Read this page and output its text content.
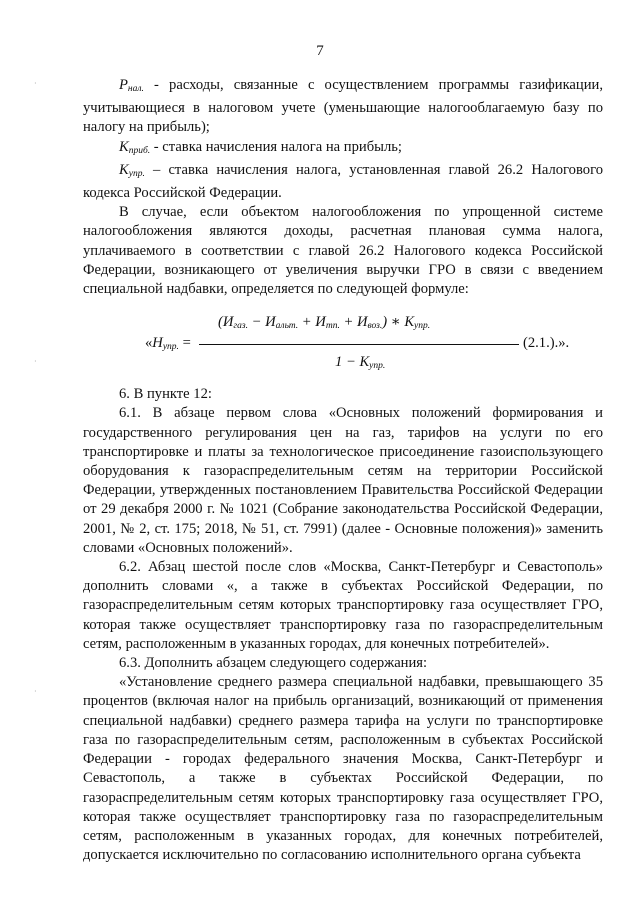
·
·
·
7

$P_{нал.}$ - расходы, связанные с осуществлением программы газификации, учитывающиеся в налоговом учете (уменьшающие налогооблагаемую базу по налогу на прибыль);

$K_{приб.}$ - ставка начисления налога на прибыль;

$K_{упр.}$ – ставка начисления налога, установленная главой 26.2 Налогового кодекса Российской Федерации.

В случае, если объектом налогообложения по упрощенной системе налогообложения являются доходы, расчетная плановая сумма налога, уплачиваемого в соответствии с главой 26.2 Налогового кодекса Российской Федерации, возникающего от увеличения выручки ГРО в связи с введением специальной надбавки, определяется по следующей формуле:

$(И_{газ.} - И_{альт.} + И_{тп.} + И_{воз.})$ ∗ $К_{упр.}$
«$Н_{упр.}$ =	(2.1.).».
$1 - К_{упр.}$

6. В пункте 12:

6.1. В абзаце первом слова «Основных положений формирования и государственного регулирования цен на газ, тарифов на услуги по его транспортировке и платы за технологическое присоединение газоиспользующего оборудования к газораспределительным сетям на территории Российской Федерации, утвержденных постановлением Правительства Российской Федерации от 29 декабря 2000 г. № 1021 (Собрание законодательства Российской Федерации, 2001, № 2, ст. 175; 2018, № 51, ст. 7991) (далее - Основные положения)» заменить словами «Основных положений».

6.2. Абзац шестой после слов «Москва, Санкт-Петербург и Севастополь» дополнить словами «, а также в субъектах Российской Федерации, по газораспределительным сетям которых транспортировку газа осуществляет ГРО, которая также осуществляет транспортировку газа по газораспределительным сетям, расположенным в указанных городах, для конечных потребителей».

6.3. Дополнить абзацем следующего содержания:

«Установление среднего размера специальной надбавки, превышающего 35 процентов (включая налог на прибыль организаций, возникающий от применения специальной надбавки) среднего размера тарифа на услуги по транспортировке газа по газораспределительным сетям, расположенным в субъектах Российской Федерации - городах федерального значения Москва, Санкт-Петербург и Севастополь, а также в субъектах Российской Федерации, по газораспределительным сетям которых транспортировку газа осуществляет ГРО, которая также осуществляет транспортировку газа по газораспределительным сетям, расположенным в указанных городах, для конечных потребителей, допускается исключительно по согласованию исполнительного органа субъекта
